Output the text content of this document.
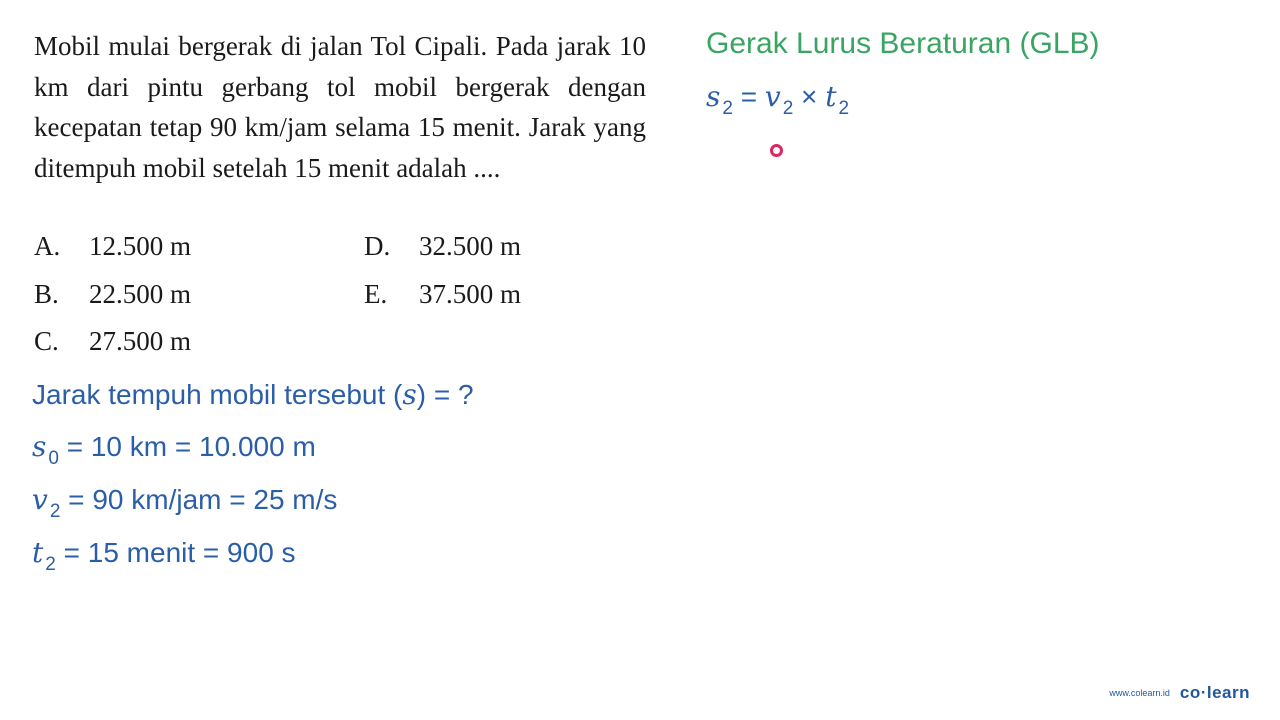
Mobil mulai bergerak di jalan Tol Cipali. Pada jarak 10 km dari pintu gerbang tol mobil bergerak dengan kecepatan tetap 90 km/jam selama 15 menit. Jarak yang ditempuh mobil setelah 15 menit adalah ....
A. 12.500 m
B. 22.500 m
C. 27.500 m
D. 32.500 m
E. 37.500 m
Jarak tempuh mobil tersebut (s) = ?
s $_0$ = 10 km = 10.000 m
v $_2$ = 90 km/jam = 25 m/s
t $_2$ = 15 menit = 900 s
Gerak Lurus Beraturan (GLB)
s $_2$ = v $_2$ × t $_2$
www.colearn.id co·learn
